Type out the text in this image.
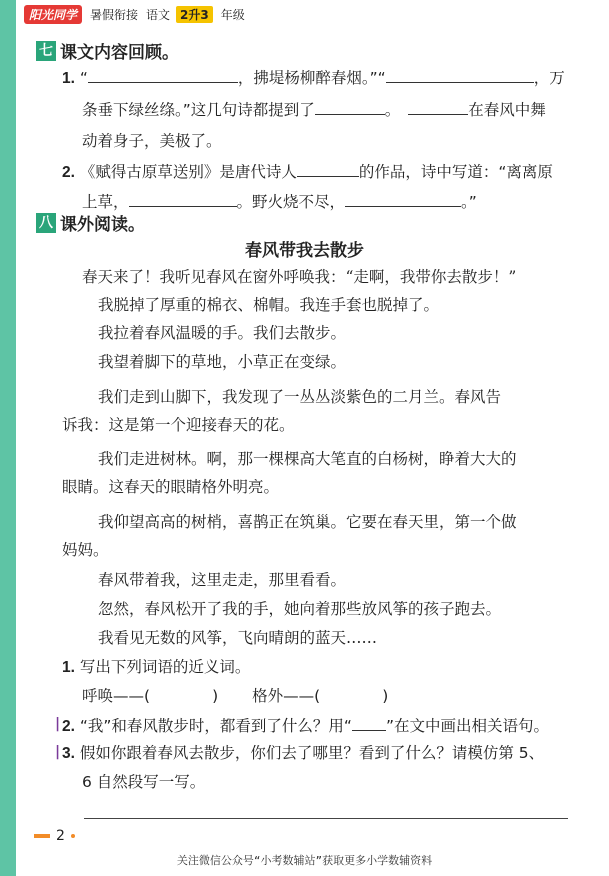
阳光同学	暑假衔接 语文 2升3	年级
七 课文内容回顾。
1. “	，拂堤杨柳醉春烟。”“	，万
条垂下绿丝绦。”这几句诗都提到了	。	在春风中舞
动着身子，美极了。
2. 《赋得古原草送别》是唐代诗人	的作品，诗中写道：“离离原
上草，	。野火烧不尽，	。”
八 课外阅读。
春风带我去散步
春天来了！我听见春风在窗外呼唤我：“走啊，我带你去散步！”
我脱掉了厚重的棉衣、棉帽。我连手套也脱掉了。
我拉着春风温暖的手。我们去散步。
我望着脚下的草地，小草正在变绿。
我们走到山脚下，我发现了一丛丛淡紫色的二月兰。春风告
诉我：这是第一个迎接春天的花。
我们走进树林。啊，那一棵棵高大笔直的白杨树，睁着大大的
眼睛。这春天的眼睛格外明亮。
我仰望高高的树梢，喜鹊正在筑巢。它要在春天里，第一个做
妈妈。
春风带着我，这里走走，那里看看。
忽然，春风松开了我的手，她向着那些放风筝的孩子跑去。
我看见无数的风筝，飞向晴朗的蓝天……
1. 写出下列词语的近义词。
呼唤——(	) 格外——(	)
| 2. “我”和春风散步时，都看到了什么？用“ ”在文中画出相关语句。
| 3. 假如你跟着春风去散步，你们去了哪里？看到了什么？请模仿第 5、
6 自然段写一写。
2
关注微信公众号“小考数辅站”获取更多小学数辅资料
